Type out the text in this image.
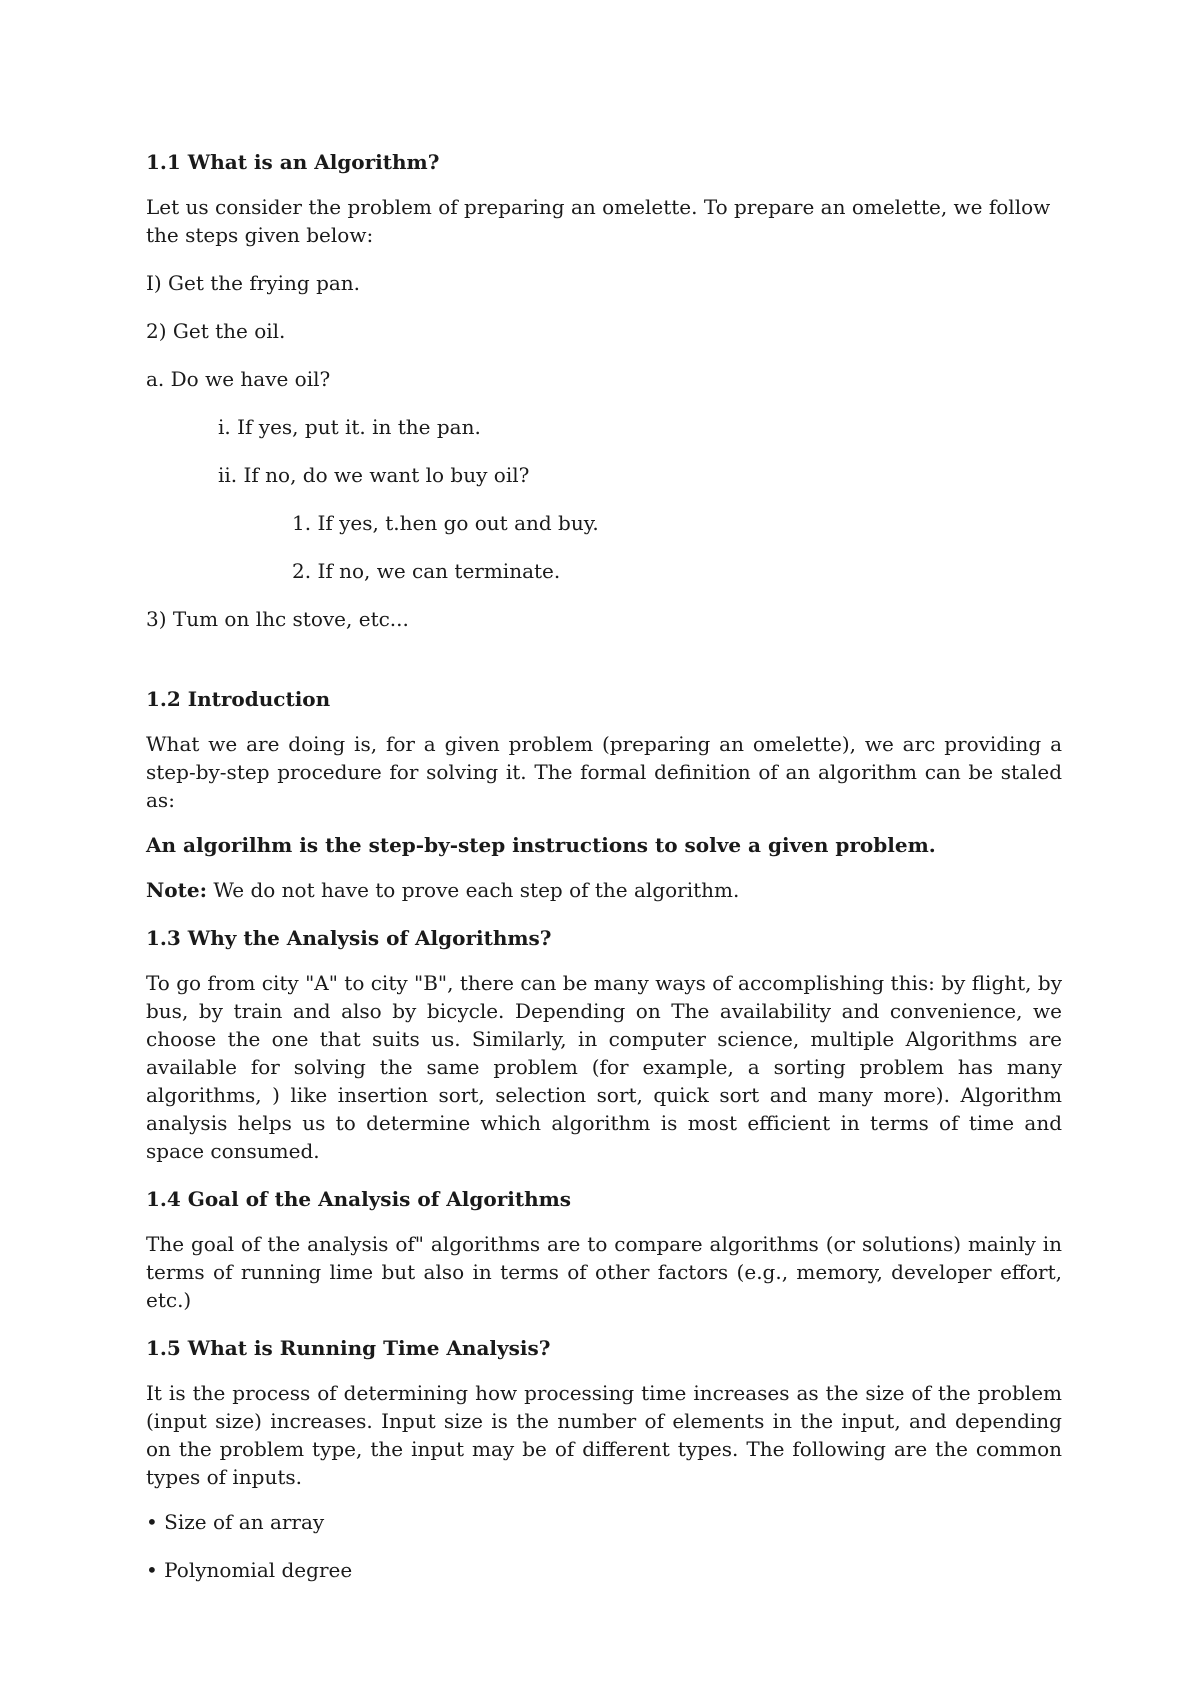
1.1 What is an Algorithm?

Let us consider the problem of preparing an omelette. To prepare an omelette, we follow the steps given below:

I) Get the frying pan.

2) Get the oil.

a. Do we have oil?

i. If yes, put it. in the pan.

ii. If no, do we want lo buy oil?

1. If yes, t.hen go out and buy.

2. If no, we can terminate.

3) Tum on lhc stove, etc...

1.2 Introduction

What we are doing is, for a given problem (preparing an omelette), we arc providing a step-by-step procedure for solving it. The formal definition of an algorithm can be staled as:

An algorilhm is the step-by-step instructions to solve a given problem.

Note: We do not have to prove each step of the algorithm.

1.3 Why the Analysis of Algorithms?

To go from city "A" to city "B", there can be many ways of accomplishing this: by flight, by bus, by train and also by bicycle. Depending on The availability and convenience, we choose the one that suits us. Similarly, in computer science, multiple Algorithms are available for solving the same problem (for example, a sorting problem has many algorithms, ) like insertion sort, selection sort, quick sort and many more). Algorithm analysis helps us to determine which algorithm is most efficient in terms of time and space consumed.

1.4 Goal of the Analysis of Algorithms

The goal of the analysis of" algorithms are to compare algorithms (or solutions) mainly in terms of running lime but also in terms of other factors (e.g., memory, developer effort, etc.)

1.5 What is Running Time Analysis?

It is the process of determining how processing time increases as the size of the problem (input size) increases. Input size is the number of elements in the input, and depending on the problem type, the input may be of different types. The following are the common types of inputs.

• Size of an array

• Polynomial degree
